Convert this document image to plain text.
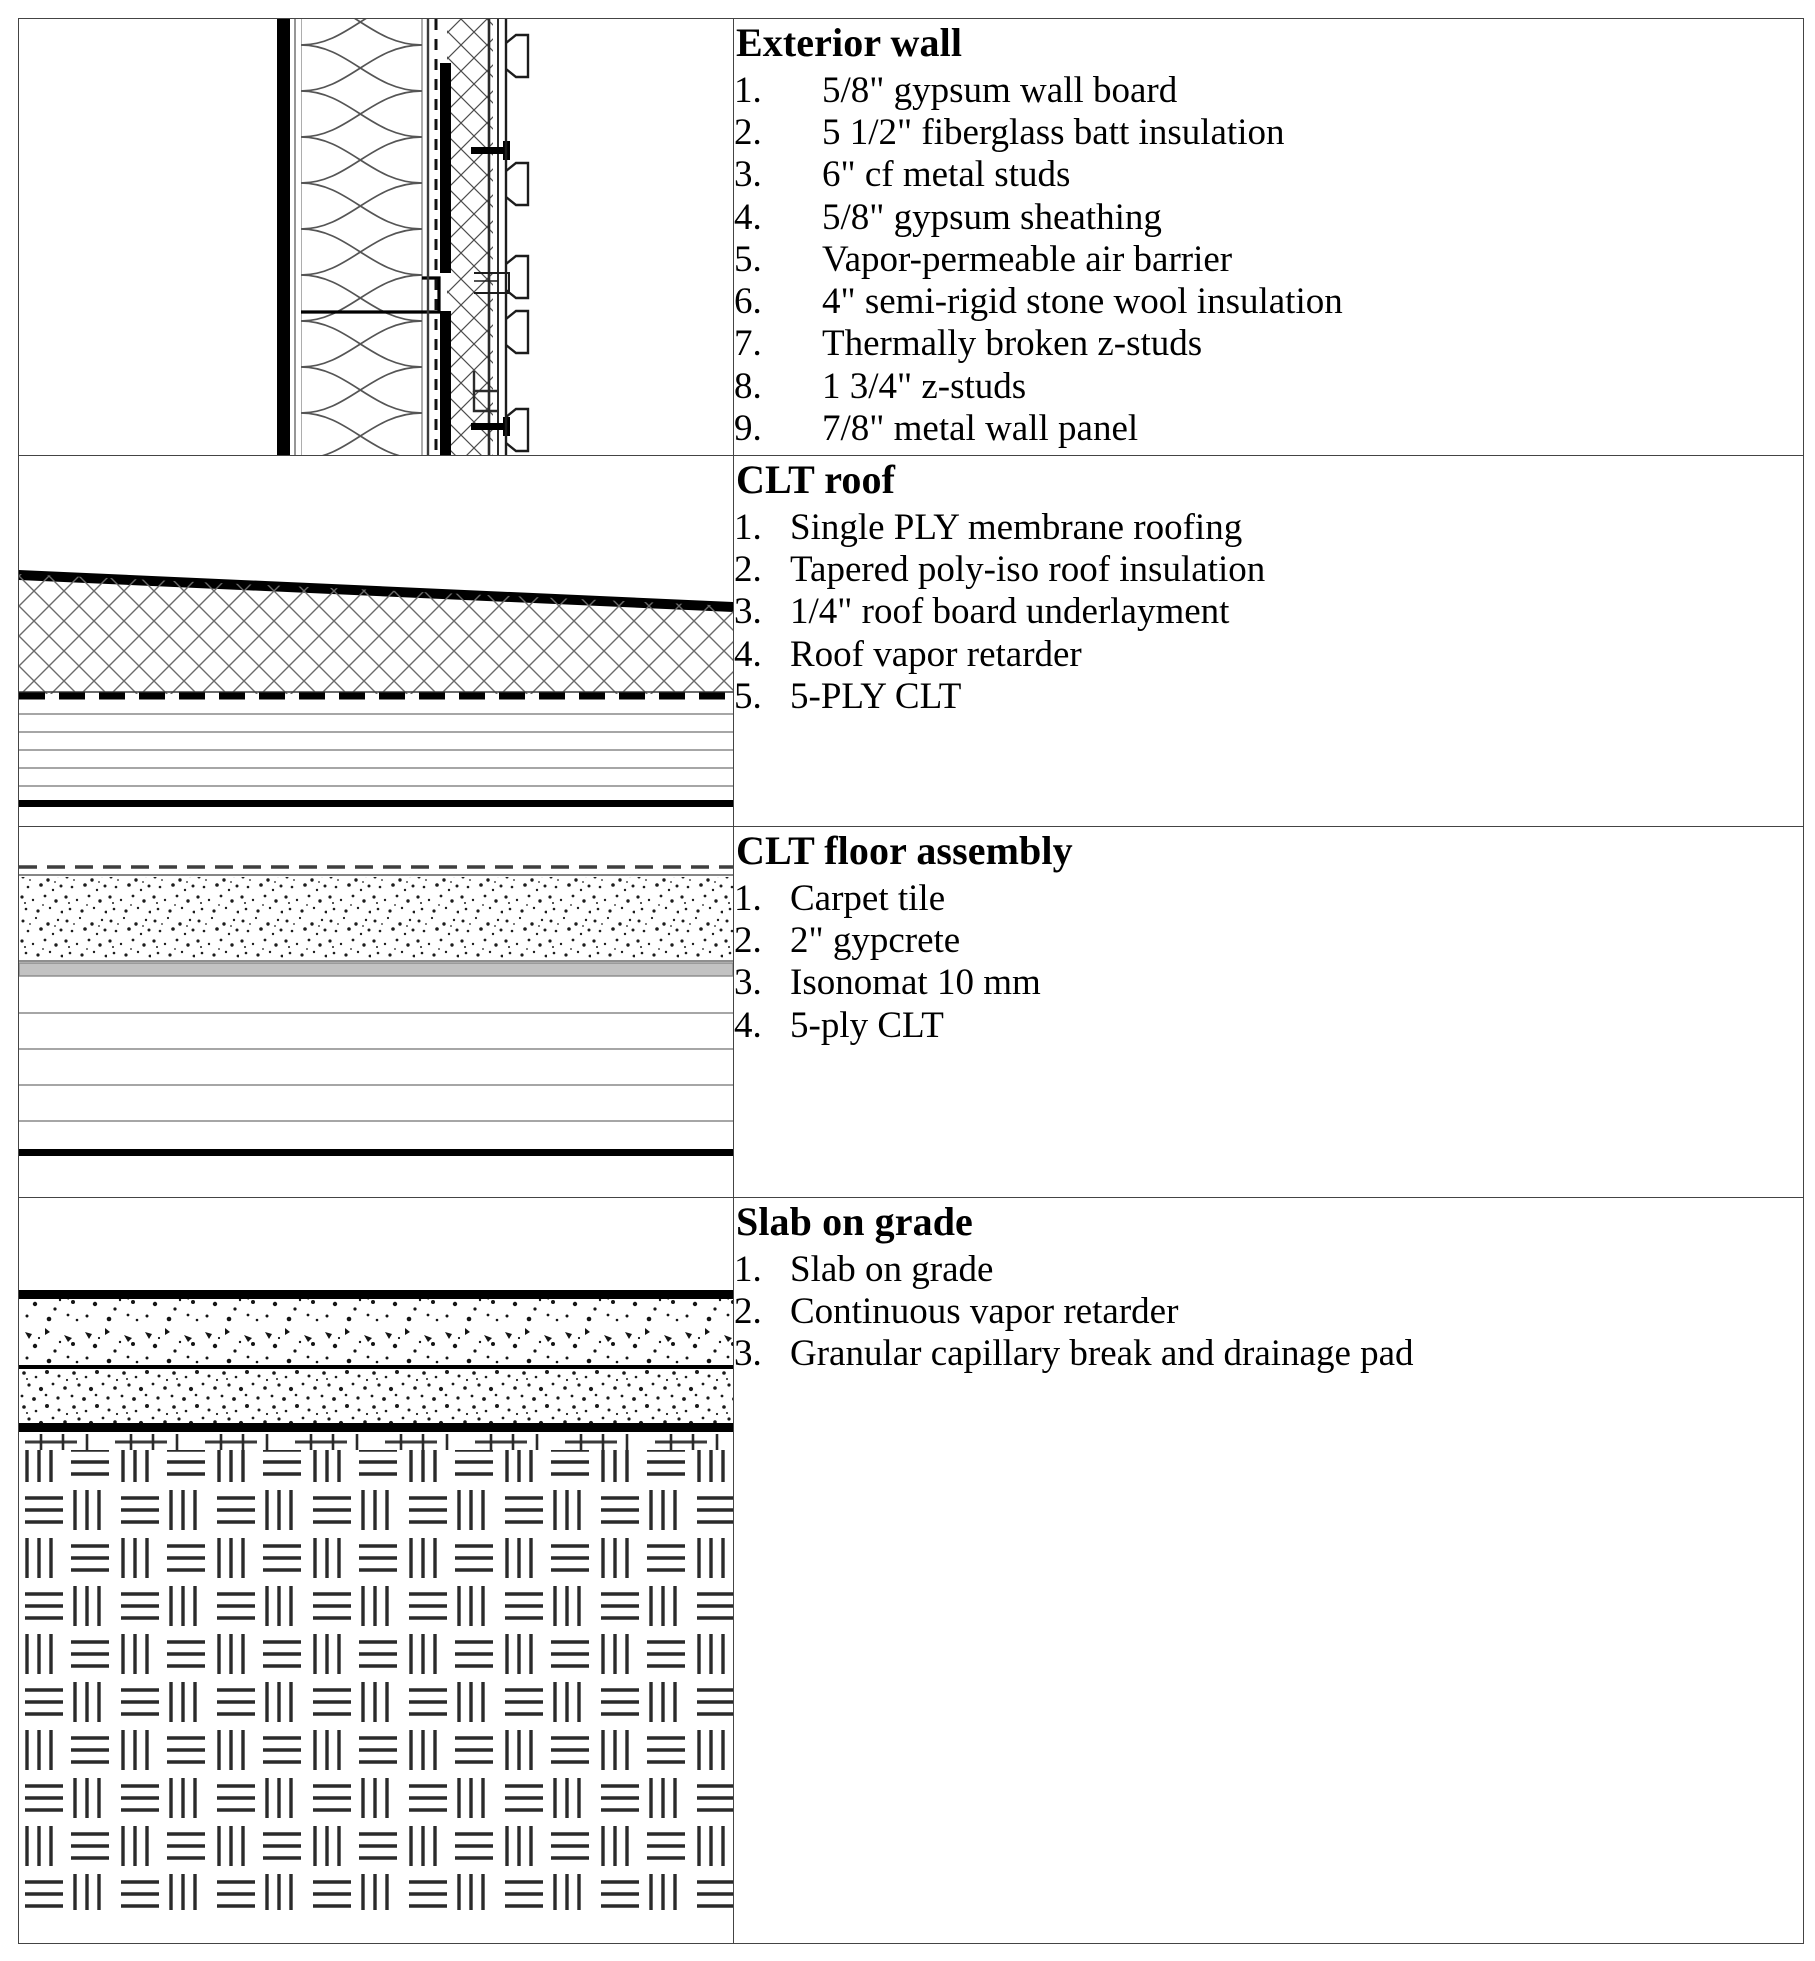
Exterior wall
1.	5/8" gypsum wall board
2.	5 1/2" fiberglass batt insulation
3.	6" cf metal studs
4.	5/8" gypsum sheathing
5.	Vapor-permeable air barrier
6.	4" semi-rigid stone wool insulation
7.	Thermally broken z-studs
8.	1 3/4" z-studs
9.	7/8" metal wall panel

CLT roof
1. Single PLY membrane roofing
2. Tapered poly-iso roof insulation
3. 1/4" roof board underlayment
4. Roof vapor retarder
5. 5-PLY CLT

CLT floor assembly
1. Carpet tile
2. 2" gypcrete
3. Isonomat 10 mm
4. 5-ply CLT

Slab on grade
1. Slab on grade
2. Continuous vapor retarder
3. Granular capillary break and drainage pad
